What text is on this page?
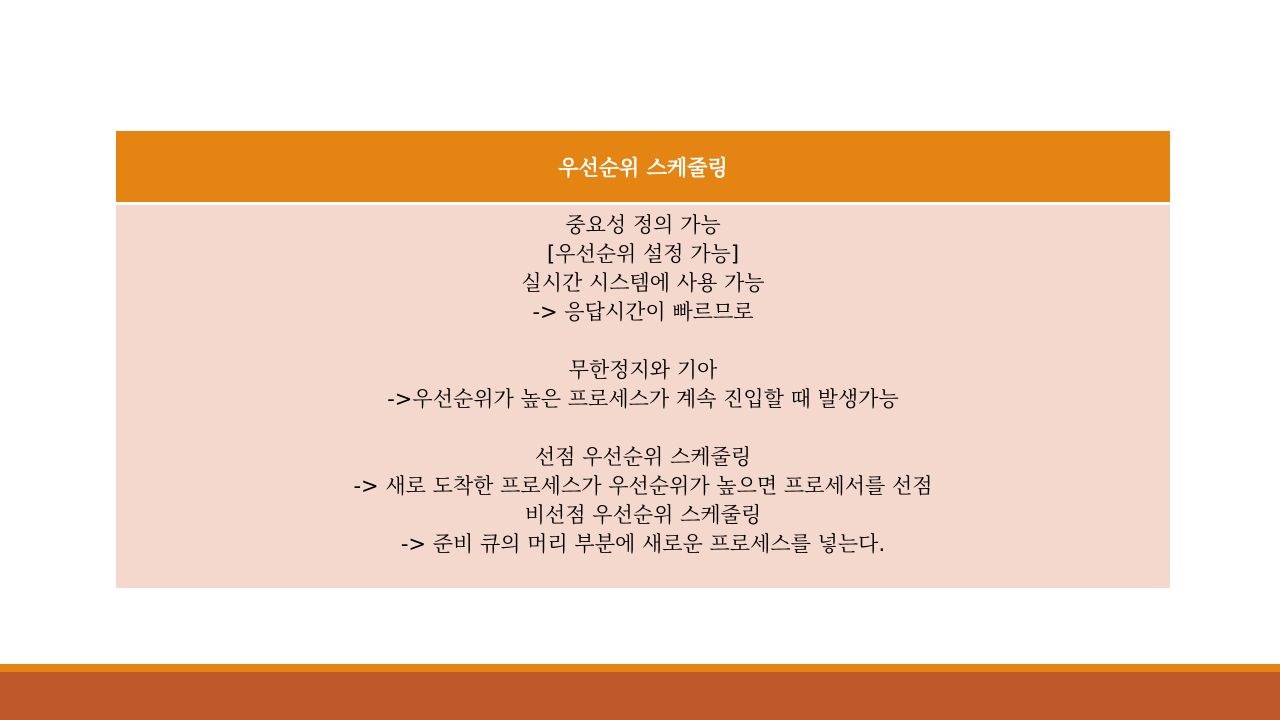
우선순위 스케줄링
중요성 정의 가능
[우선순위 설정 가능]
실시간 시스템에 사용 가능
-> 응답시간이 빠르므로
무한정지와 기아
->우선순위가 높은 프로세스가 계속 진입할 때 발생가능
선점 우선순위 스케줄링
-> 새로 도착한 프로세스가 우선순위가 높으면 프로세서를 선점
비선점 우선순위 스케줄링
-> 준비 큐의 머리 부분에 새로운 프로세스를 넣는다.
